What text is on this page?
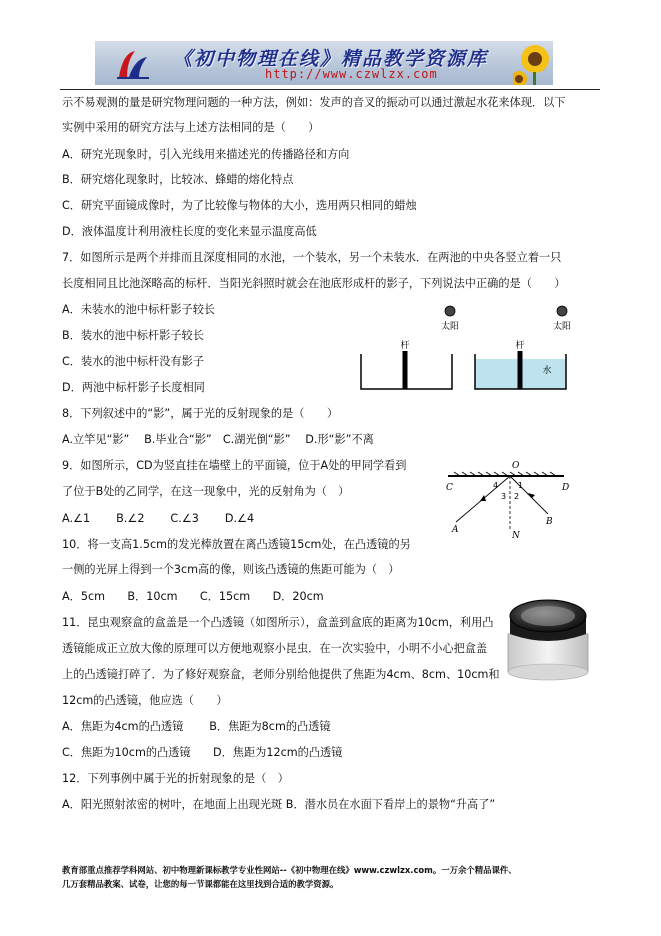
《初中物理在线》精品教学资源库
http://www.czwlzx.com
示不易观测的量是研究物理问题的一种方法，例如：发声的音叉的振动可以通过激起水花来体现．以下
实例中采用的研究方法与上述方法相同的是（　　）
A．研究光现象时，引入光线用来描述光的传播路径和方向
B．研究熔化现象时，比较冰、蜂蜡的熔化特点
C．研究平面镜成像时，为了比较像与物体的大小，选用两只相同的蜡烛
D．液体温度计利用液柱长度的变化来显示温度高低
7．如图所示是两个并排而且深度相同的水池，一个装水，另一个未装水．在两池的中央各竖立着一只
长度相同且比池深略高的标杆．当阳光斜照时就会在池底形成杆的影子，下列说法中正确的是（　　）
A．未装水的池中标杆影子较长
B．装水的池中标杆影子较长
C．装水的池中标杆没有影子
D．两池中标杆影子长度相同
8．下列叙述中的“影”，属于光的反射现象的是（　　）
A.立竿见“影”　 B.毕业合“影”　C.湖光倒“影”　 D.形“影”不离
9．如图所示，CD为竖直挂在墙壁上的平面镜，位于A处的甲同学看到
了位于B处的乙同学，在这一现象中，光的反射角为（　）
A.∠1　　 B.∠2　　 C.∠3　　 D.∠4
10．将一支高1.5cm的发光棒放置在离凸透镜15cm处，在凸透镜的另
一侧的光屏上得到一个3cm高的像，则该凸透镜的焦距可能为（　）
A．5cm　　B．10cm　　C．15cm　　D．20cm
11．昆虫观察盒的盒盖是一个凸透镜（如图所示），盒盖到盒底的距离为10cm，利用凸
透镜能成正立放大像的原理可以方便地观察小昆虫．在一次实验中，小明不小心把盒盖
上的凸透镜打碎了．为了修好观察盒，老师分别给他提供了焦距为4cm、8cm、10cm和
12cm的凸透镜，他应选（　　）
A．焦距为4cm的凸透镜　　 B．焦距为8cm的凸透镜
C．焦距为10cm的凸透镜　　D．焦距为12cm的凸透镜
12．下列事例中属于光的折射现象的是（　）
A．阳光照射浓密的树叶，在地面上出现光斑 B．潜水员在水面下看岸上的景物“升高了”
太阳	太阳
杆	杆
水
C	D
O
A
B
N
4 1
3 2
教育部重点推荐学科网站、初中物理新课标教学专业性网站--《初中物理在线》www.czwlzx.com。一万余个精品课件、
几万套精品教案、试卷，让您的每一节课都能在这里找到合适的教学资源。
